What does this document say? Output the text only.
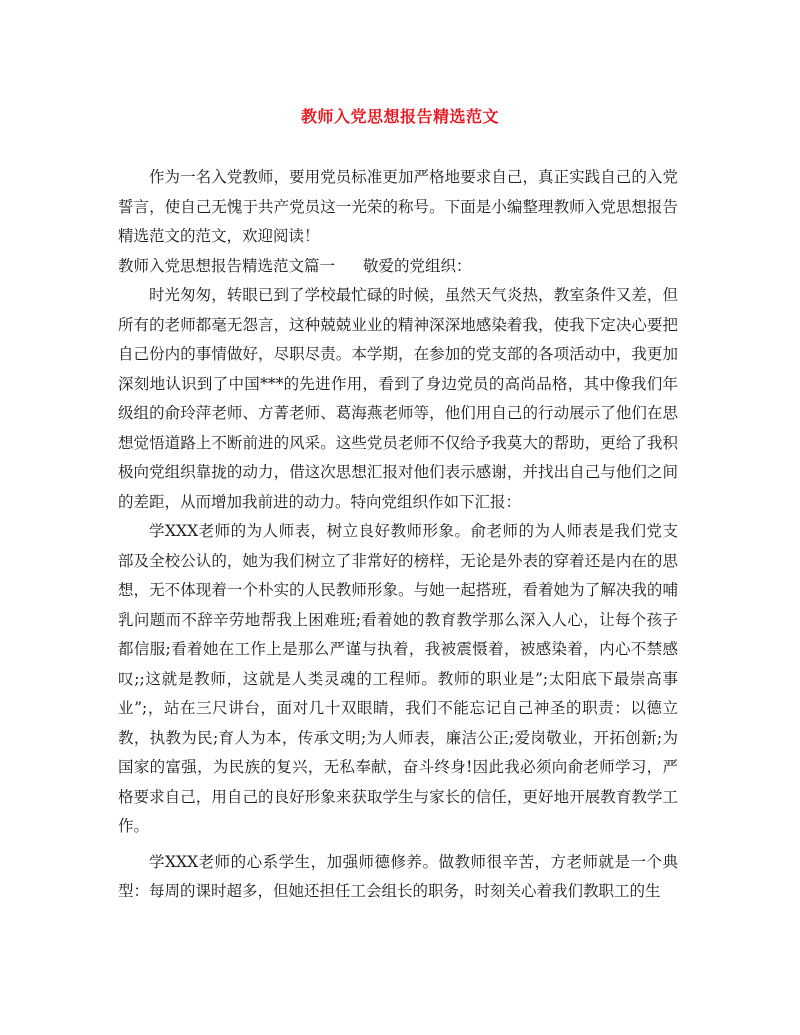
教师入党思想报告精选范文

作为一名入党教师，要用党员标准更加严格地要求自己，真正实践自己的入党誓言，使自己无愧于共产党员这一光荣的称号。下面是小编整理教师入党思想报告精选范文的范文，欢迎阅读！

教师入党思想报告精选范文篇一 敬爱的党组织：

时光匆匆，转眼已到了学校最忙碌的时候，虽然天气炎热，教室条件又差，但所有的老师都毫无怨言，这种兢兢业业的精神深深地感染着我，使我下定决心要把自己份内的事情做好，尽职尽责。本学期，在参加的党支部的各项活动中，我更加深刻地认识到了中国***的先进作用，看到了身边党员的高尚品格，其中像我们年级组的俞玲萍老师、方菁老师、葛海燕老师等，他们用自己的行动展示了他们在思想觉悟道路上不断前进的风采。这些党员老师不仅给予我莫大的帮助，更给了我积极向党组织靠拢的动力，借这次思想汇报对他们表示感谢，并找出自己与他们之间的差距，从而增加我前进的动力。特向党组织作如下汇报：

学XXX老师的为人师表，树立良好教师形象。俞老师的为人师表是我们党支部及全校公认的，她为我们树立了非常好的榜样，无论是外表的穿着还是内在的思想，无不体现着一个朴实的人民教师形象。与她一起搭班，看着她为了解决我的哺乳问题而不辞辛劳地帮我上困难班;看着她的教育教学那么深入人心，让每个孩子都信服;看着她在工作上是那么严谨与执着，我被震慑着，被感染着，内心不禁感叹;;这就是教师，这就是人类灵魂的工程师。教师的职业是”;太阳底下最崇高事业”;，站在三尺讲台，面对几十双眼睛，我们不能忘记自己神圣的职责：以德立教，执教为民;育人为本，传承文明;为人师表，廉洁公正;爱岗敬业，开拓创新;为国家的富强，为民族的复兴，无私奉献，奋斗终身!因此我必须向俞老师学习，严格要求自己，用自己的良好形象来获取学生与家长的信任，更好地开展教育教学工作。

学XXX老师的心系学生，加强师德修养。做教师很辛苦，方老师就是一个典型：每周的课时超多，但她还担任工会组长的职务，时刻关心着我们教职工的生
